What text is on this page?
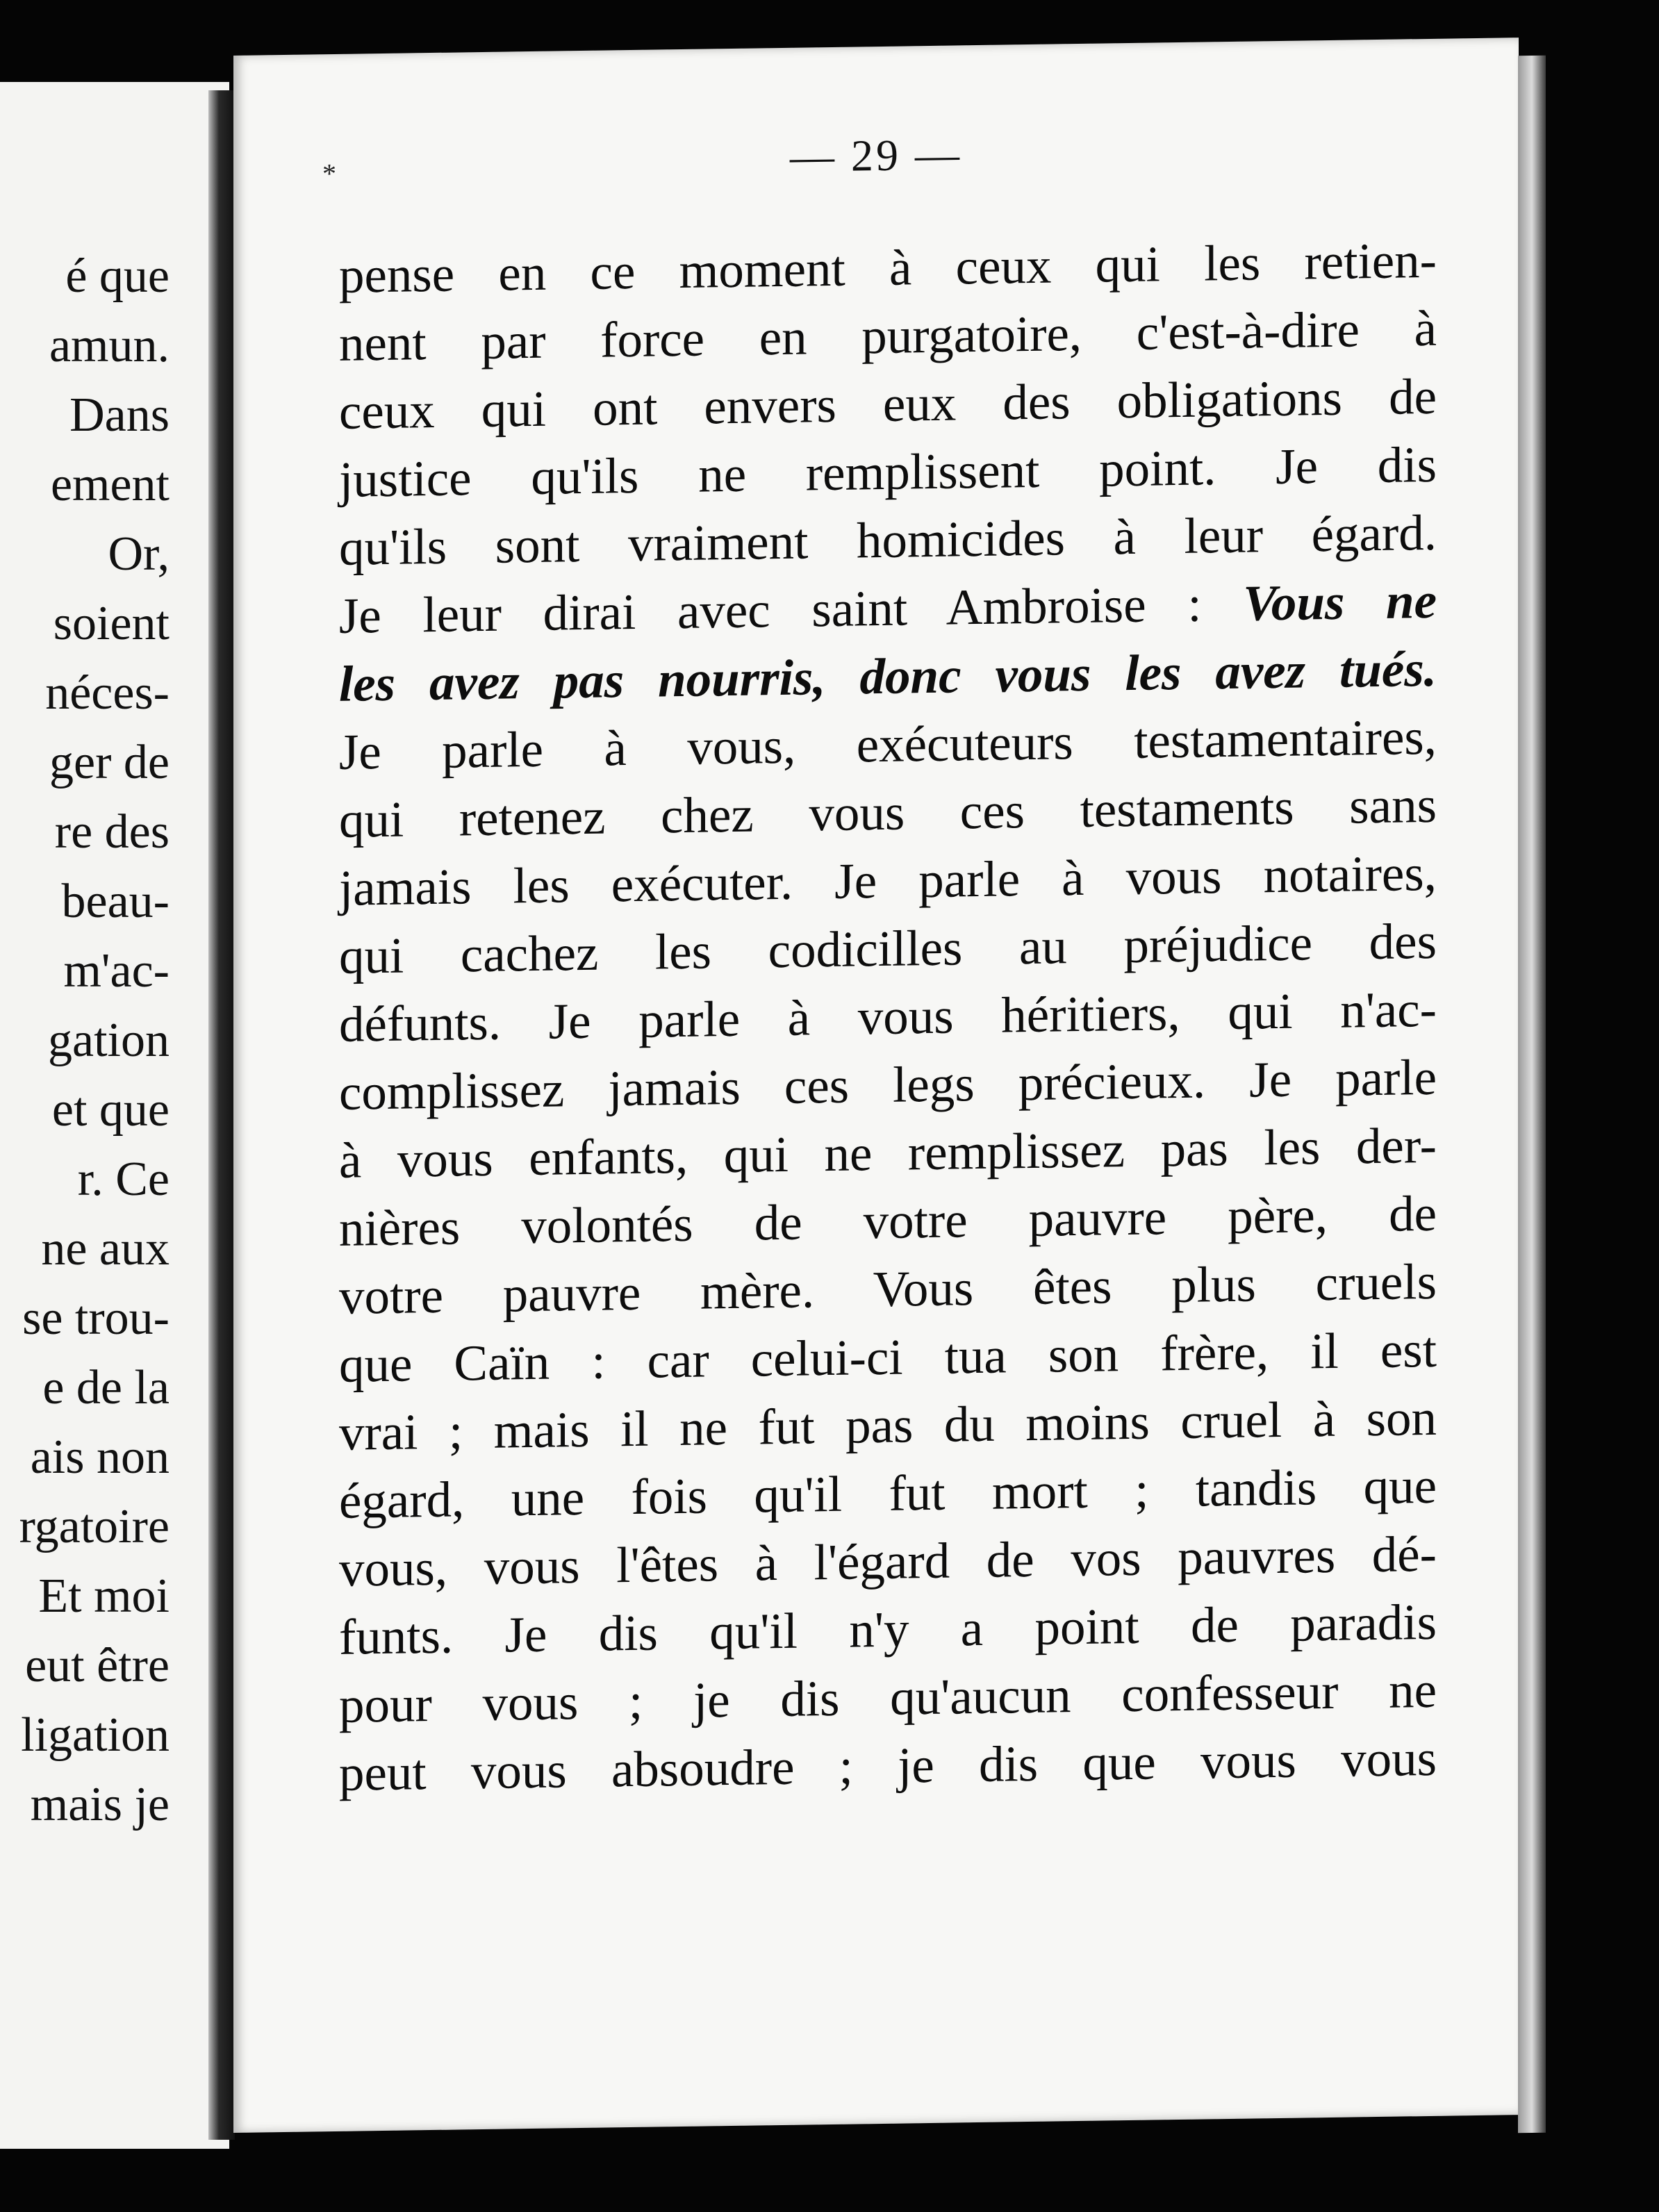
é que
amun.
Dans
ement
Or,
soient
néces-
ger de
re des
beau-
m'ac-
gation
et que
r. Ce
ne aux
se trou-
e de la
ais non
rgatoire
Et moi
eut être
ligation
mais je
*	— 29 —
pense en ce moment à ceux qui les retien-
nent par force en purgatoire, c'est-à-dire à
ceux qui ont envers eux des obligations de
justice qu'ils ne remplissent point. Je dis
qu'ils sont vraiment homicides à leur égard.
Je leur dirai avec saint Ambroise : Vous ne
les avez pas nourris, donc vous les avez tués.
Je parle à vous, exécuteurs testamentaires,
qui retenez chez vous ces testaments sans
jamais les exécuter. Je parle à vous notaires,
qui cachez les codicilles au préjudice des
défunts. Je parle à vous héritiers, qui n'ac-
complissez jamais ces legs précieux. Je parle
à vous enfants, qui ne remplissez pas les der-
nières volontés de votre pauvre père, de
votre pauvre mère. Vous êtes plus cruels
que Caïn : car celui-ci tua son frère, il est
vrai ; mais il ne fut pas du moins cruel à son
égard, une fois qu'il fut mort ; tandis que
vous, vous l'êtes à l'égard de vos pauvres dé-
funts. Je dis qu'il n'y a point de paradis
pour vous ; je dis qu'aucun confesseur ne
peut vous absoudre ; je dis que vous vous
